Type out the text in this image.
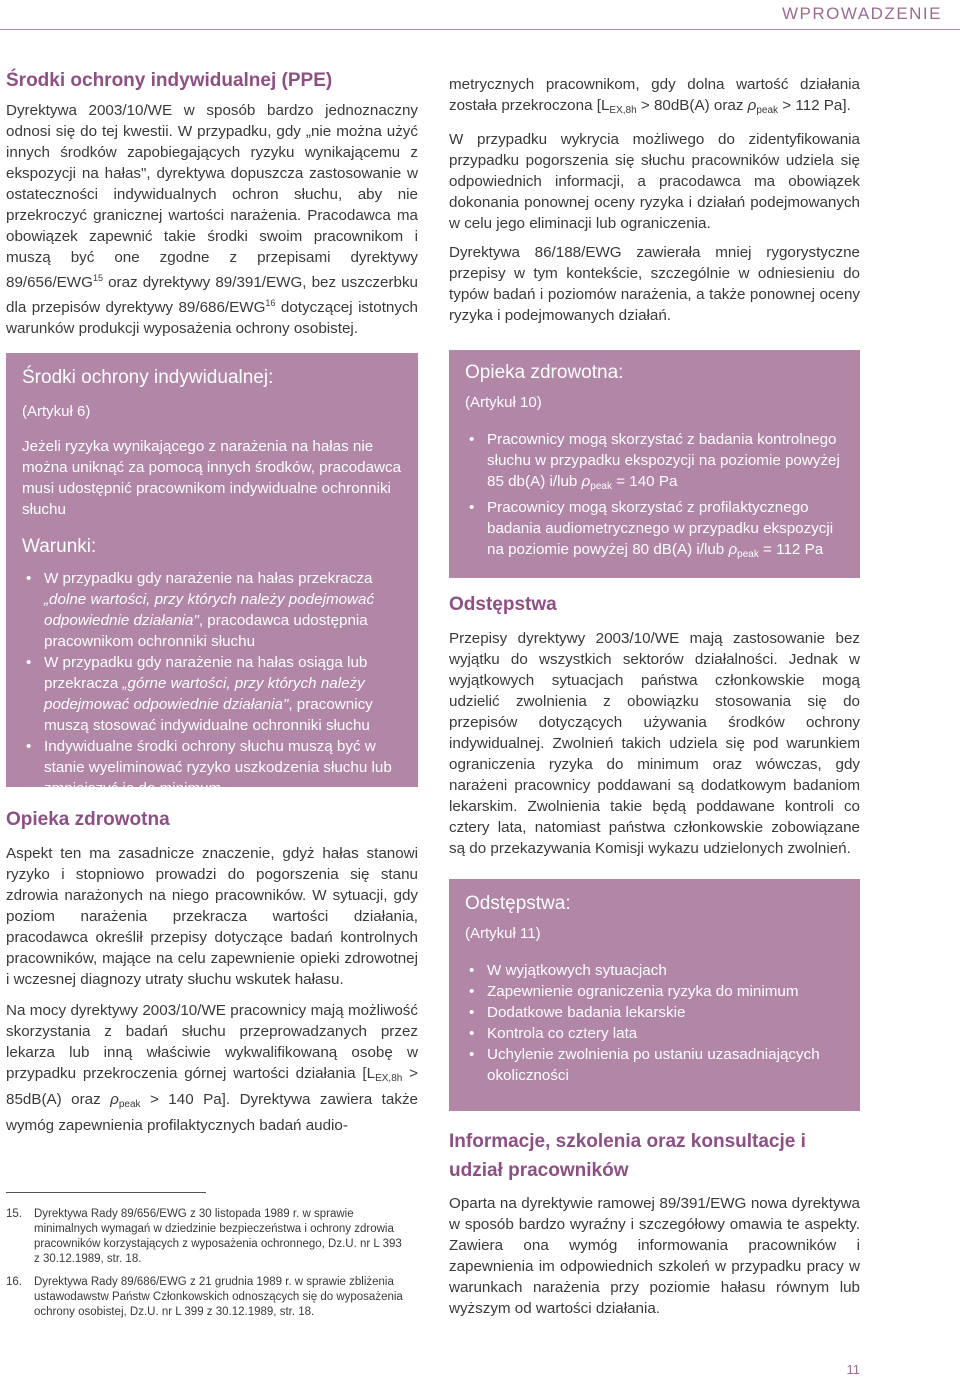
WPROWADZENIE
Środki ochrony indywidualnej (PPE)

Dyrektywa 2003/10/WE w sposób bardzo jednoznaczny odnosi się do tej kwestii. W przypadku, gdy „nie można użyć innych środków zapobiegających ryzyku wynikającemu z ekspozycji na hałas", dyrektywa dopuszcza zastosowanie w ostateczności indywidualnych ochron słuchu, aby nie przekroczyć granicznej wartości narażenia. Pracodawca ma obowiązek zapewnić takie środki swoim pracownikom i muszą być one zgodne z przepisami dyrektywy 89/656/EWG$^{15}$ oraz dyrektywy 89/391/EWG, bez uszczerbku dla przepisów dyrektywy 89/686/EWG$^{16}$ dotyczącej istotnych warunków produkcji wyposażenia ochrony osobistej.

Środki ochrony indywidualnej:
(Artykuł 6)
Jeżeli ryzyka wynikającego z narażenia na hałas nie można uniknąć za pomocą innych środków, pracodawca musi udostępnić pracownikom indywidualne ochronniki słuchu
Warunki:
• W przypadku gdy narażenie na hałas przekracza „dolne wartości, przy których należy podejmować odpowiednie działania", pracodawca udostępnia pracownikom ochronniki słuchu
• W przypadku gdy narażenie na hałas osiąga lub przekracza „górne wartości, przy których należy podejmować odpowiednie działania", pracownicy muszą stosować indywidualne ochronniki słuchu
• Indywidualne środki ochrony słuchu muszą być w stanie wyeliminować ryzyko uszkodzenia słuchu lub zmniejszyć je do minimum
Opieka zdrowotna

Aspekt ten ma zasadnicze znaczenie, gdyż hałas stanowi ryzyko i stopniowo prowadzi do pogorszenia się stanu zdrowia narażonych na niego pracowników. W sytuacji, gdy poziom narażenia przekracza wartości działania, pracodawca określił przepisy dotyczące badań kontrolnych pracowników, mające na celu zapewnienie opieki zdrowotnej i wczesnej diagnozy utraty słuchu wskutek hałasu.

Na mocy dyrektywy 2003/10/WE pracownicy mają możliwość skorzystania z badań słuchu przeprowadzanych przez lekarza lub inną właściwie wykwalifikowaną osobę w przypadku przekroczenia górnej wartości działania [$L_{EX,8h} > 85dB(A)$ oraz $\rho_{peak} > 140$ Pa]. Dyrektywa zawiera także wymóg zapewnienia profilaktycznych badań audio-

15. Dyrektywa Rady 89/656/EWG z 30 listopada 1989 r. w sprawie minimalnych wymagań w dziedzinie bezpieczeństwa i ochrony zdrowia pracowników korzystających z wyposażenia ochronnego, Dz.U. nr L 393 z 30.12.1989, str. 18.
16. Dyrektywa Rady 89/686/EWG z 21 grudnia 1989 r. w sprawie zbliżenia ustawodawstw Państw Członkowskich odnoszących się do wyposażenia ochrony osobistej, Dz.U. nr L 399 z 30.12.1989, str. 18.

metrycznych pracownikom, gdy dolna wartość działania została przekroczona [$L_{EX,8h} > 80dB(A)$ oraz $\rho_{peak} > 112$ Pa].

W przypadku wykrycia możliwego do zidentyfikowania przypadku pogorszenia się słuchu pracowników udziela się odpowiednich informacji, a pracodawca ma obowiązek dokonania ponownej oceny ryzyka i działań podejmowanych w celu jego eliminacji lub ograniczenia.

Dyrektywa 86/188/EWG zawierała mniej rygorystyczne przepisy w tym kontekście, szczególnie w odniesieniu do typów badań i poziomów narażenia, a także ponownej oceny ryzyka i podejmowanych działań.

Opieka zdrowotna:
(Artykuł 10)
• Pracownicy mogą skorzystać z badania kontrolnego słuchu w przypadku ekspozycji na poziomie powyżej 85 db(A) i/lub $\rho_{peak} = 140$ Pa
• Pracownicy mogą skorzystać z profilaktycznego badania audiometrycznego w przypadku ekspozycji na poziomie powyżej 80 dB(A) i/lub $\rho_{peak} = 112$ Pa
Odstępstwa

Przepisy dyrektywy 2003/10/WE mają zastosowanie bez wyjątku do wszystkich sektorów działalności. Jednak w wyjątkowych sytuacjach państwa członkowskie mogą udzielić zwolnienia z obowiązku stosowania się do przepisów dotyczących używania środków ochrony indywidualnej. Zwolnień takich udziela się pod warunkiem ograniczenia ryzyka do minimum oraz wówczas, gdy narażeni pracownicy poddawani są dodatkowym badaniom lekarskim. Zwolnienia takie będą poddawane kontroli co cztery lata, natomiast państwa członkowskie zobowiązane są do przekazywania Komisji wykazu udzielonych zwolnień.

Odstępstwa:
(Artykuł 11)
• W wyjątkowych sytuacjach
• Zapewnienie ograniczenia ryzyka do minimum
• Dodatkowe badania lekarskie
• Kontrola co cztery lata
• Uchylenie zwolnienia po ustaniu uzasadniających okoliczności
Informacje, szkolenia oraz konsultacje i udział pracowników

Oparta na dyrektywie ramowej 89/391/EWG nowa dyrektywa w sposób bardzo wyraźny i szczegółowy omawia te aspekty. Zawiera ona wymóg informowania pracowników i zapewnienia im odpowiednich szkoleń w przypadku pracy w warunkach narażenia przy poziomie hałasu równym lub wyższym od wartości działania.

11
